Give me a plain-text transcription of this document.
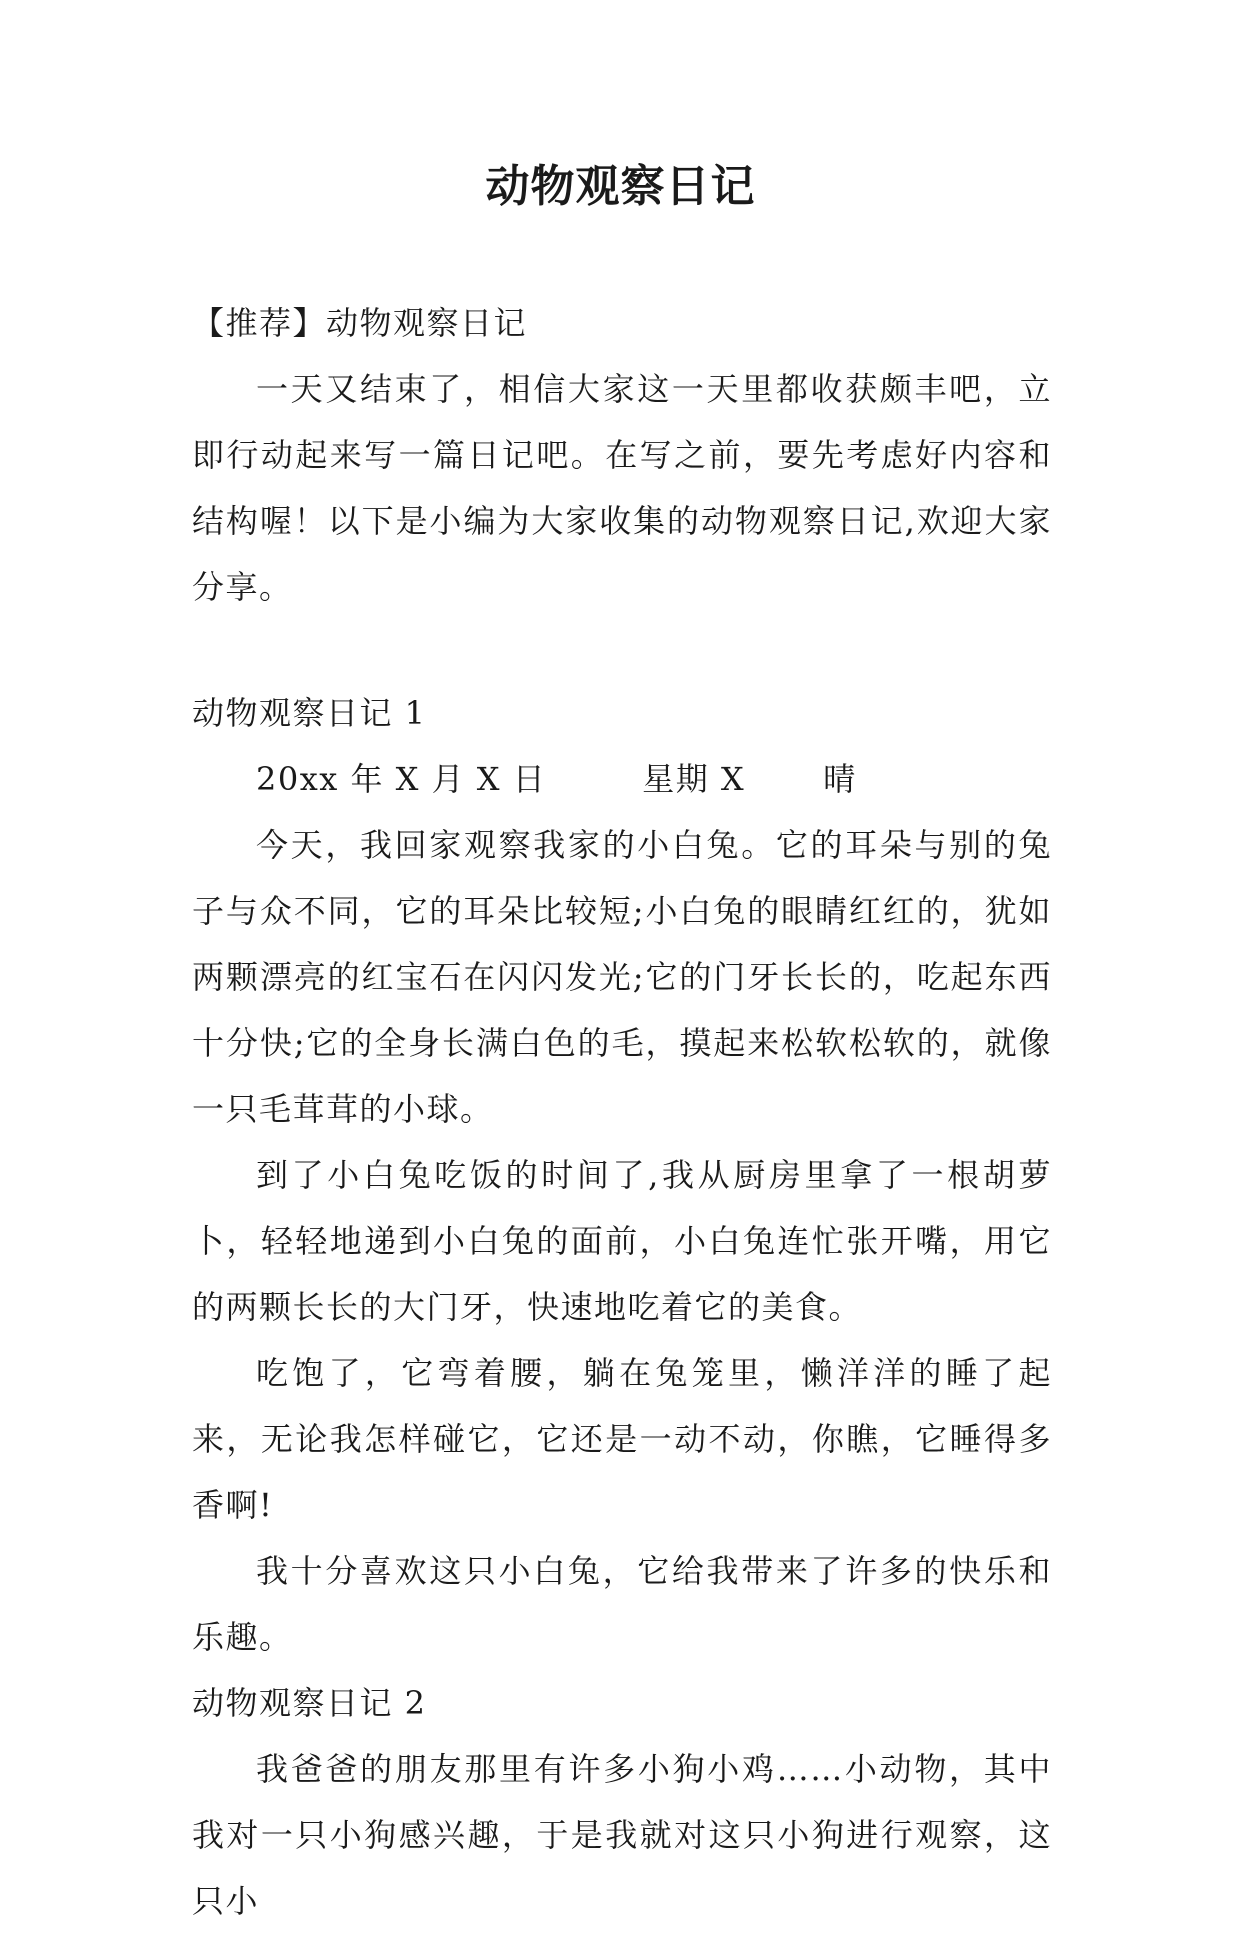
动物观察日记

【推荐】动物观察日记

一天又结束了，相信大家这一天里都收获颇丰吧，立即行动起来写一篇日记吧。在写之前，要先考虑好内容和结构喔！以下是小编为大家收集的动物观察日记,欢迎大家分享。

动物观察日记 1

20xx 年 X 月 X 日	星期 X 晴

今天，我回家观察我家的小白兔。它的耳朵与别的兔子与众不同，它的耳朵比较短;小白兔的眼睛红红的，犹如两颗漂亮的红宝石在闪闪发光;它的门牙长长的，吃起东西十分快;它的全身长满白色的毛，摸起来松软松软的，就像一只毛茸茸的小球。

到了小白兔吃饭的时间了,我从厨房里拿了一根胡萝卜，轻轻地递到小白兔的面前，小白兔连忙张开嘴，用它的两颗长长的大门牙，快速地吃着它的美食。

吃饱了，它弯着腰，躺在兔笼里，懒洋洋的睡了起来，无论我怎样碰它，它还是一动不动，你瞧，它睡得多香啊!

我十分喜欢这只小白兔，它给我带来了许多的快乐和乐趣。

动物观察日记 2

我爸爸的朋友那里有许多小狗小鸡……小动物，其中我对一只小狗感兴趣，于是我就对这只小狗进行观察，这只小
